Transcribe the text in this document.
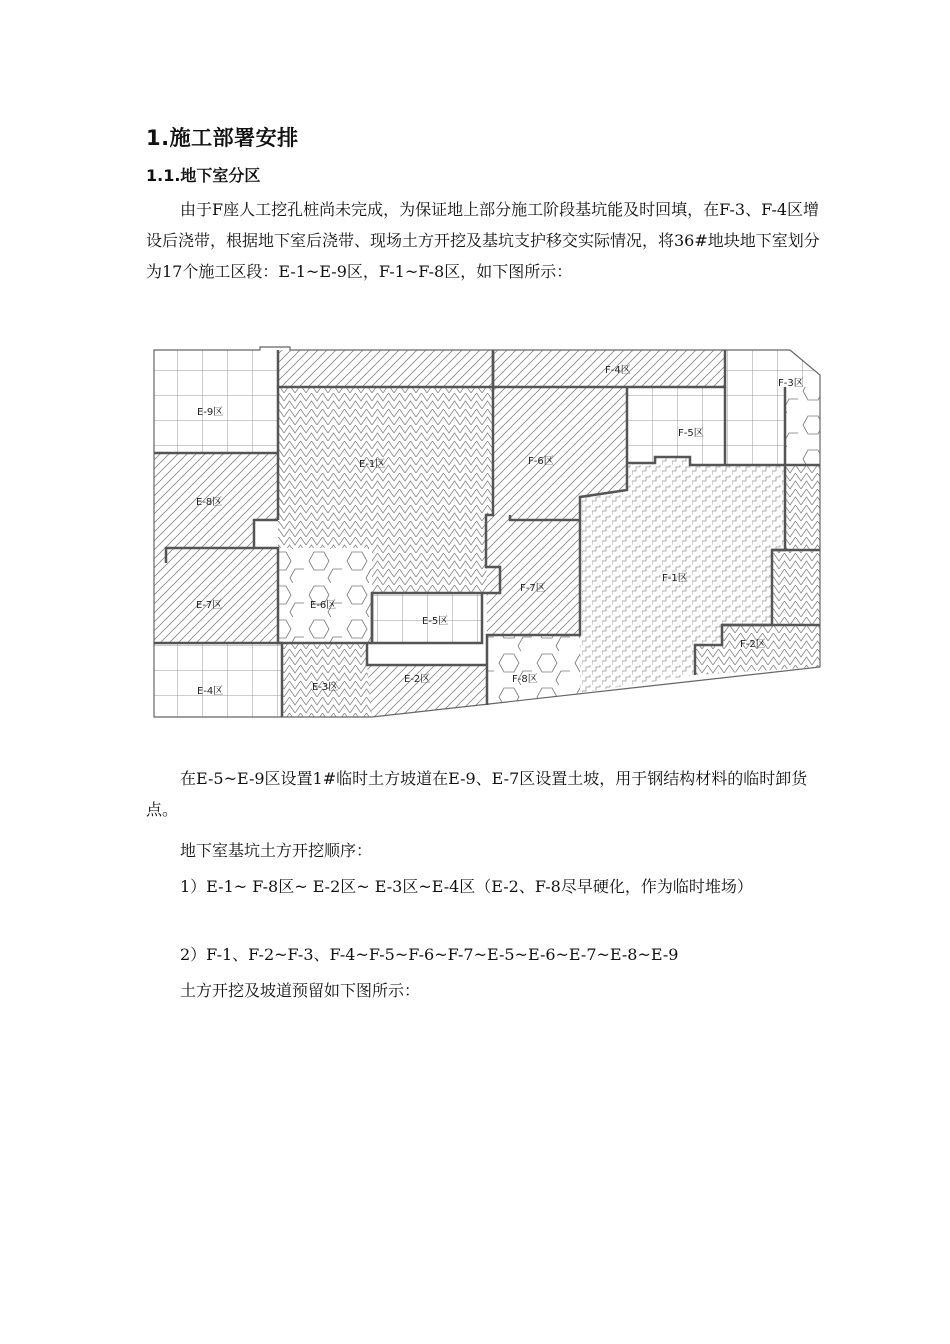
1.施工部署安排
1.1.地下室分区
由于F座人工挖孔桩尚未完成，为保证地上部分施工阶段基坑能及时回填，在F-3、F-4区增设后浇带，根据地下室后浇带、现场土方开挖及基坑支护移交实际情况，将36#地块地下室划分为17个施工区段：E-1~E-9区，F-1~F-8区，如下图所示：
E-9区
E-1区
E-8区
E-7区	E-6区
E-5区
E-4区	E-3区
E-2区
F-4区
F-3区
F-5区
F-6区
F-7区
F-1区
F-2区
F-8区
在E-5~E-9区设置1#临时土方坡道在E-9、E-7区设置土坡，用于钢结构材料的临时卸货点。
地下室基坑土方开挖顺序：
1）E-1~ F-8区~ E-2区~ E-3区~E-4区（E-2、F-8尽早硬化，作为临时堆场）
2）F-1、F-2~F-3、F-4~F-5~F-6~F-7~E-5~E-6~E-7~E-8~E-9
土方开挖及坡道预留如下图所示：
